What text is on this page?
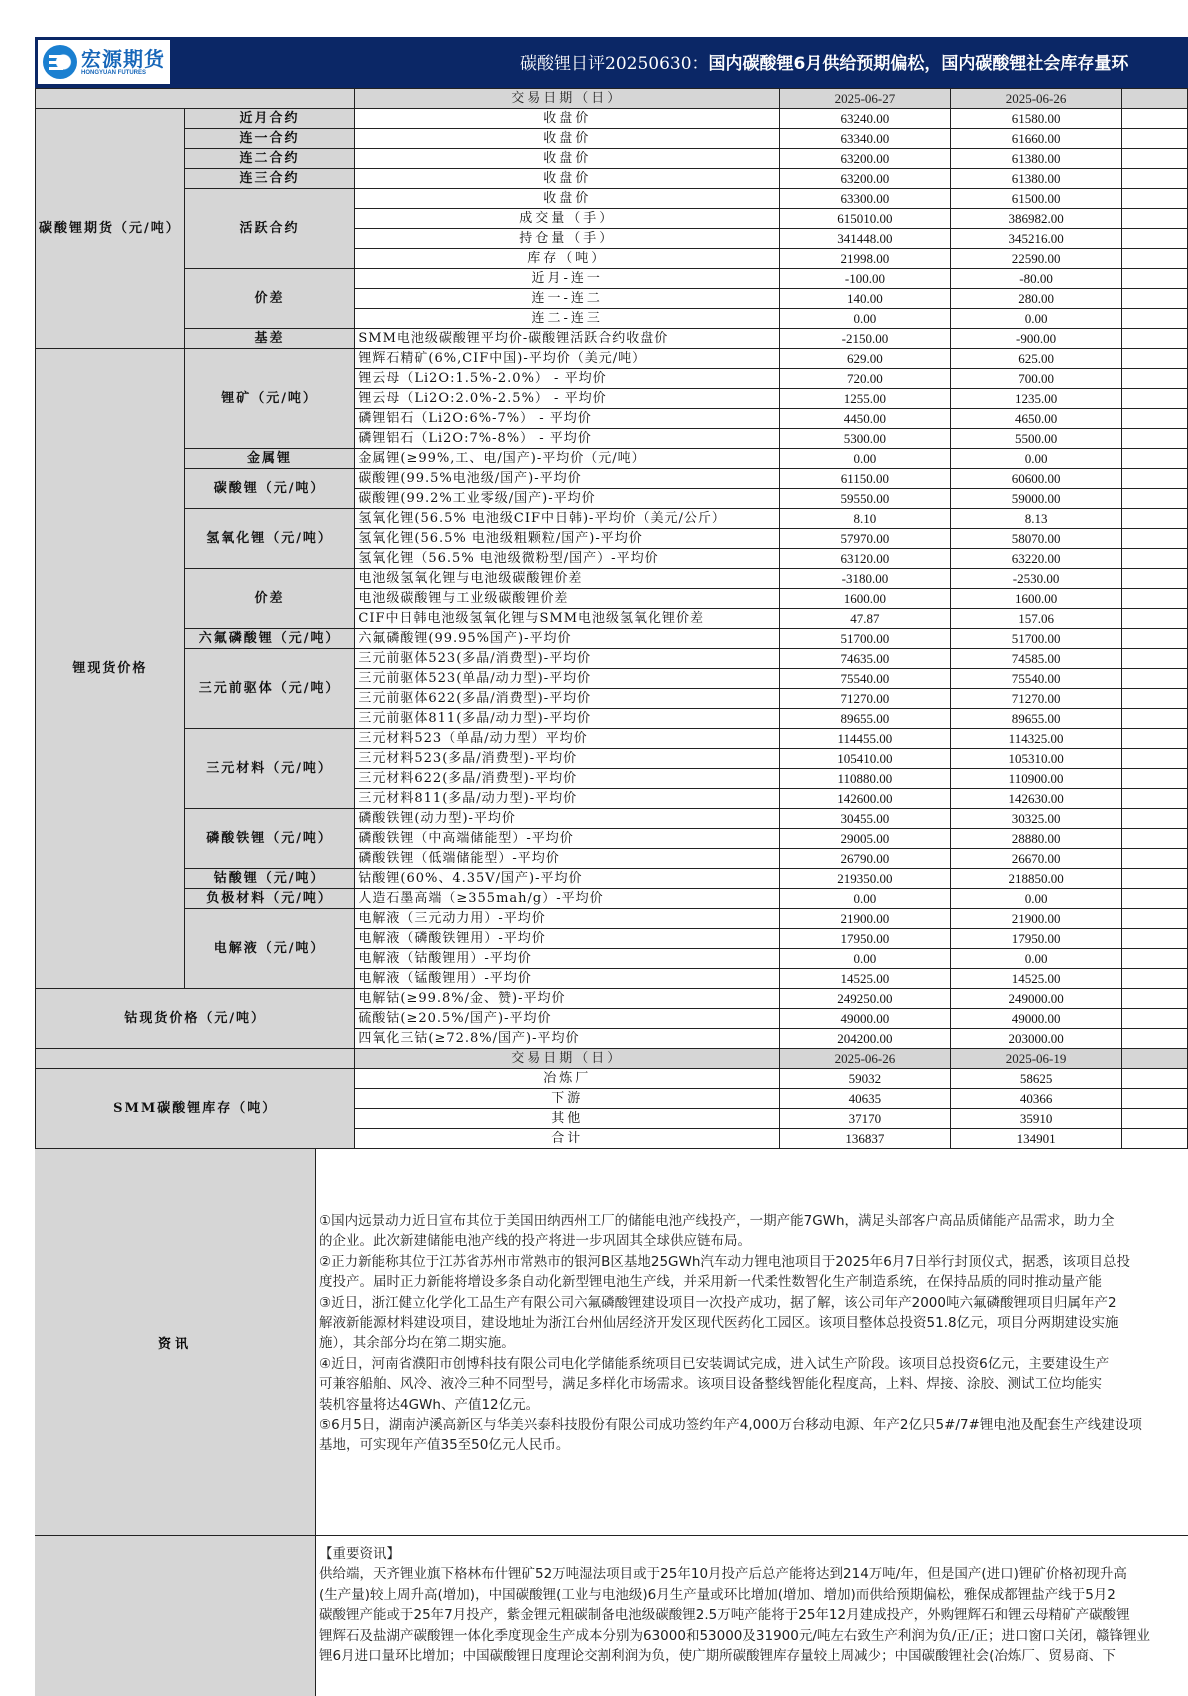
宏源期货
HONGYUAN FUTURES	碳酸锂日评20250630：国内碳酸锂6月供给预期偏松，国内碳酸锂社会库存量环
		交易日期（日）	2025-06-27	2025-06-26	
碳酸锂期货（元/吨）	近月合约	收盘价	63240.00	61580.00	
	连一合约	收盘价	63340.00	61660.00	
	连二合约	收盘价	63200.00	61380.00	
	连三合约	收盘价	63200.00	61380.00	
	活跃合约	收盘价	63300.00	61500.00	
		成交量（手）	615010.00	386982.00	
		持仓量（手）	341448.00	345216.00	
		库存（吨）	21998.00	22590.00	
	价差	近月-连一	-100.00	-80.00	
		连一-连二	140.00	280.00	
		连二-连三	0.00	0.00	
	基差	SMM电池级碳酸锂平均价-碳酸锂活跃合约收盘价	-2150.00	-900.00	
锂现货价格	锂矿（元/吨）	锂辉石精矿(6%,CIF中国)-平均价（美元/吨）	629.00	625.00	
		锂云母（Li2O:1.5%-2.0%） - 平均价	720.00	700.00	
		锂云母（Li2O:2.0%-2.5%） - 平均价	1255.00	1235.00	
		磷锂铝石（Li2O:6%-7%） - 平均价	4450.00	4650.00	
		磷锂铝石（Li2O:7%-8%） - 平均价	5300.00	5500.00	
	金属锂	金属锂(≥99%,工、电/国产)-平均价（元/吨）	0.00	0.00	
	碳酸锂（元/吨）	碳酸锂(99.5%电池级/国产)-平均价	61150.00	60600.00	
		碳酸锂(99.2%工业零级/国产)-平均价	59550.00	59000.00	
	氢氧化锂（元/吨）	氢氧化锂(56.5% 电池级CIF中日韩)-平均价（美元/公斤）	8.10	8.13	
		氢氧化锂(56.5% 电池级粗颗粒/国产)-平均价	57970.00	58070.00	
		氢氧化锂（56.5% 电池级微粉型/国产）-平均价	63120.00	63220.00	
	价差	电池级氢氧化锂与电池级碳酸锂价差	-3180.00	-2530.00	
		电池级碳酸锂与工业级碳酸锂价差	1600.00	1600.00	
		CIF中日韩电池级氢氧化锂与SMM电池级氢氧化锂价差	47.87	157.06	
	六氟磷酸锂（元/吨）	六氟磷酸锂(99.95%国产)-平均价	51700.00	51700.00	
	三元前驱体（元/吨）	三元前驱体523(多晶/消费型)-平均价	74635.00	74585.00	
		三元前驱体523(单晶/动力型)-平均价	75540.00	75540.00	
		三元前驱体622(多晶/消费型)-平均价	71270.00	71270.00	
		三元前驱体811(多晶/动力型)-平均价	89655.00	89655.00	
	三元材料（元/吨）	三元材料523（单晶/动力型）平均价	114455.00	114325.00	
		三元材料523(多晶/消费型)-平均价	105410.00	105310.00	
		三元材料622(多晶/消费型)-平均价	110880.00	110900.00	
		三元材料811(多晶/动力型)-平均价	142600.00	142630.00	
	磷酸铁锂（元/吨）	磷酸铁锂(动力型)-平均价	30455.00	30325.00	
		磷酸铁锂（中高端储能型）-平均价	29005.00	28880.00	
		磷酸铁锂（低端储能型）-平均价	26790.00	26670.00	
	钴酸锂（元/吨）	钴酸锂(60%、4.35V/国产)-平均价	219350.00	218850.00	
	负极材料（元/吨）	人造石墨高端（≥355mah/g）-平均价	0.00	0.00	
	电解液（元/吨）	电解液（三元动力用）-平均价	21900.00	21900.00	
		电解液（磷酸铁锂用）-平均价	17950.00	17950.00	
		电解液（钴酸锂用）-平均价	0.00	0.00	
		电解液（锰酸锂用）-平均价	14525.00	14525.00	
钴现货价格（元/吨）		电解钴(≥99.8%/金、赞)-平均价	249250.00	249000.00	
		硫酸钴(≥20.5%/国产)-平均价	49000.00	49000.00	
		四氧化三钴(≥72.8%/国产)-平均价	204200.00	203000.00	
		交易日期（日）	2025-06-26	2025-06-19	
SMM碳酸锂库存（吨）		冶炼厂	59032	58625	
		下游	40635	40366	
		其他	37170	35910	
		合计	136837	134901	
资讯
①国内远景动力近日宣布其位于美国田纳西州工厂的储能电池产线投产，一期产能7GWh，满足头部客户高品质储能产品需求，助力全
的企业。此次新建储能电池产线的投产将进一步巩固其全球供应链布局。
②正力新能称其位于江苏省苏州市常熟市的银河B区基地25GWh汽车动力锂电池项目于2025年6月7日举行封顶仪式，据悉，该项目总投
度投产。届时正力新能将增设多条自动化新型锂电池生产线，并采用新一代柔性数智化生产制造系统，在保持品质的同时推动量产能
③近日，浙江健立化学化工品生产有限公司六氟磷酸锂建设项目一次投产成功，据了解，该公司年产2000吨六氟磷酸锂项目归属年产2
解液新能源材料建设项目，建设地址为浙江台州仙居经济开发区现代医药化工园区。该项目整体总投资51.8亿元，项目分两期建设实施
施），其余部分均在第二期实施。
④近日，河南省濮阳市创博科技有限公司电化学储能系统项目已安装调试完成，进入试生产阶段。该项目总投资6亿元，主要建设生产
可兼容船舶、风冷、液冷三种不同型号，满足多样化市场需求。该项目设备整线智能化程度高，上料、焊接、涂胶、测试工位均能实
装机容量将达4GWh、产值12亿元。
⑤6月5日，湖南泸溪高新区与华美兴泰科技股份有限公司成功签约年产4,000万台移动电源、年产2亿只5#/7#锂电池及配套生产线建设项
基地，可实现年产值35至50亿元人民币。
【重要资讯】
供给端，天齐锂业旗下格林布什锂矿52万吨湿法项目或于25年10月投产后总产能将达到214万吨/年，但是国产(进口)锂矿价格初现升高
(生产量)较上周升高(增加)，中国碳酸锂(工业与电池级)6月生产量或环比增加(增加、增加)而供给预期偏松，雅保成都锂盐产线于5月2
碳酸锂产能或于25年7月投产，紫金锂元粗碳制备电池级碳酸锂2.5万吨产能将于25年12月建成投产，外购锂辉石和锂云母精矿产碳酸锂
锂辉石及盐湖产碳酸锂一体化季度现金生产成本分别为63000和53000及31900元/吨左右致生产利润为负/正/正；进口窗口关闭，赣锋锂业
锂6月进口量环比增加；中国碳酸锂日度理论交割利润为负，使广期所碳酸锂库存量较上周减少；中国碳酸锂社会(冶炼厂、贸易商、下
